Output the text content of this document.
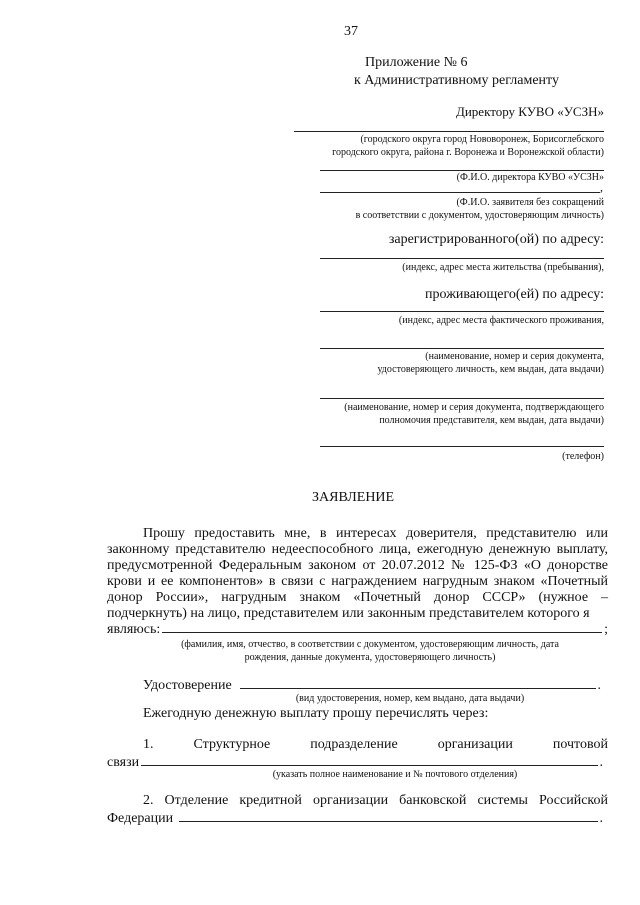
37
Приложение № 6
к Административному регламенту
Директору КУВО «УСЗН»
(городского округа город Нововоронеж, Борисоглебского
городского округа, района г. Воронежа и Воронежской области)
(Ф.И.О. директора КУВО «УСЗН»
,
(Ф.И.О. заявителя без сокращений
в соответствии с документом, удостоверяющим личность)
зарегистрированного(ой) по адресу:
(индекс, адрес места жительства (пребывания),
проживающего(ей) по адресу:
(индекс, адрес места фактического проживания,
(наименование, номер и серия документа,
удостоверяющего личность, кем выдан, дата выдачи)
(наименование, номер и серия документа, подтверждающего
полномочия представителя, кем выдан, дата выдачи)
(телефон)
ЗАЯВЛЕНИЕ
Прошу предоставить мне, в интересах доверителя, представителю или законному представителю недееспособного лица, ежегодную денежную выплату, предусмотренной Федеральным законом от 20.07.2012 № 125-ФЗ «О донорстве крови и ее компонентов» в связи с награждением нагрудным знаком «Почетный донор России», нагрудным знаком «Почетный донор СССР» (нужное – подчеркнуть) на лицо, представителем или законным представителем которого я
являюсь:	;
(фамилия, имя, отчество, в соответствии с документом, удостоверяющим личность, дата
рождения, данные документа, удостоверяющего личность)
Удостоверение	.
(вид удостоверения, номер, кем выдано, дата выдачи)
Ежегодную денежную выплату прошу перечислять через:
1.	Структурное	подразделение	организации	почтовой
связи	.
(указать полное наименование и № почтового отделения)
2. Отделение кредитной организации банковской системы Российской
Федерации	.
